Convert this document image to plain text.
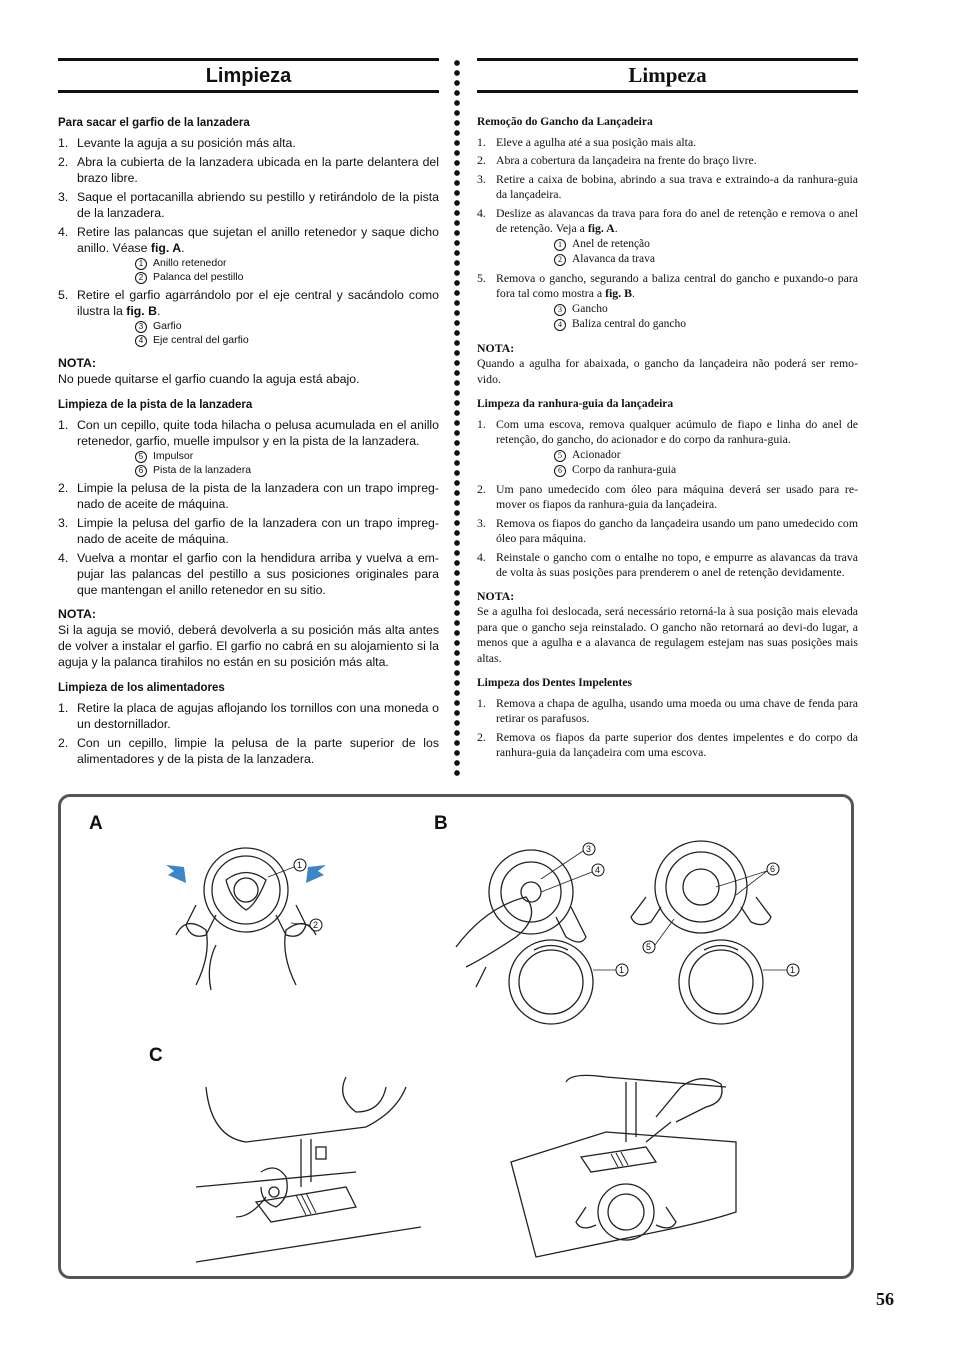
Limpieza
Para sacar el garfio de la lanzadera
1. Levante la aguja a su posición más alta.
2. Abra la cubierta de la lanzadera ubicada en la parte delantera del brazo libre.
3. Saque el portacanilla abriendo su pestillo y retirándolo de la pista de la lanzadera.
4. Retire las palancas que sujetan el anillo retenedor y saque dicho anillo. Véase fig. A.
1 Anillo retenedor
2 Palanca del pestillo
5. Retire el garfio agarrándolo por el eje central y sacándolo como ilustra la fig. B.
3 Garfio
4 Eje central del garfio
NOTA:

No puede quitarse el garfio cuando la aguja está abajo.

Limpieza de la pista de la lanzadera
1. Con un cepillo, quite toda hilacha o pelusa acumulada en el anillo retenedor, garfio, muelle impulsor y en la pista de la lanzadera.
5 Impulsor
6 Pista de la lanzadera
2. Limpie la pelusa de la pista de la lanzadera con un trapo impreg-nado de aceite de máquina.
3. Limpie la pelusa del garfio de la lanzadera con un trapo impreg-nado de aceite de máquina.
4. Vuelva a montar el garfio con la hendidura arriba y vuelva a em-pujar las palancas del pestillo a sus posiciones originales para que mantengan el anillo retenedor en su sitio.
NOTA:

Si la aguja se movió, deberá devolverla a su posición más alta antes de volver a instalar el garfio. El garfio no cabrá en su alojamiento si la aguja y la palanca tirahilos no están en su posición más alta.

Limpieza de los alimentadores
1. Retire la placa de agujas aflojando los tornillos con una moneda o un destornillador.
2. Con un cepillo, limpie la pelusa de la parte superior de los alimentadores y de la pista de la lanzadera.
Limpeza
Remoção do Gancho da Lançadeira
1. Eleve a agulha até a sua posição mais alta.
2. Abra a cobertura da lançadeira na frente do braço livre.
3. Retire a caixa de bobina, abrindo a sua trava e extraindo-a da ranhura-guia da lançadeira.
4. Deslize as alavancas da trava para fora do anel de retenção e remova o anel de retenção. Veja a fig. A.
1 Anel de retenção
2 Alavanca da trava
5. Remova o gancho, segurando a baliza central do gancho e puxando-o para fora tal como mostra a fig. B.
3 Gancho
4 Baliza central do gancho
NOTA:

Quando a agulha for abaixada, o gancho da lançadeira não poderá ser remo-vido.

Limpeza da ranhura-guia da lançadeira
1. Com uma escova, remova qualquer acúmulo de fiapo e linha do anel de retenção, do gancho, do acionador e do corpo da ranhura-guia.
5 Acionador
6 Corpo da ranhura-guia
2. Um pano umedecido com óleo para máquina deverá ser usado para re-mover os fiapos da ranhura-guia da lançadeira.
3. Remova os fiapos do gancho da lançadeira usando um pano umedecido com óleo para máquina.
4. Reinstale o gancho com o entalhe no topo, e empurre as alavancas da trava de volta às suas posições para prenderem o anel de retenção devidamente.
NOTA:

Se a agulha foi deslocada, será necessário retorná-la à sua posição mais elevada para que o gancho seja reinstalado. O gancho não retornará ao devi-do lugar, a menos que a agulha e a alavanca de regulagem estejam nas suas posições mais altas.

Limpeza dos Dentes Impelentes
1. Remova a chapa de agulha, usando uma moeda ou uma chave de fenda para retirar os parafusos.
2. Remova os fiapos da parte superior dos dentes impelentes e do corpo da ranhura-guia da lançadeira com uma escova.
A	B
C
1
2
3
4
5
6
1	1
56
